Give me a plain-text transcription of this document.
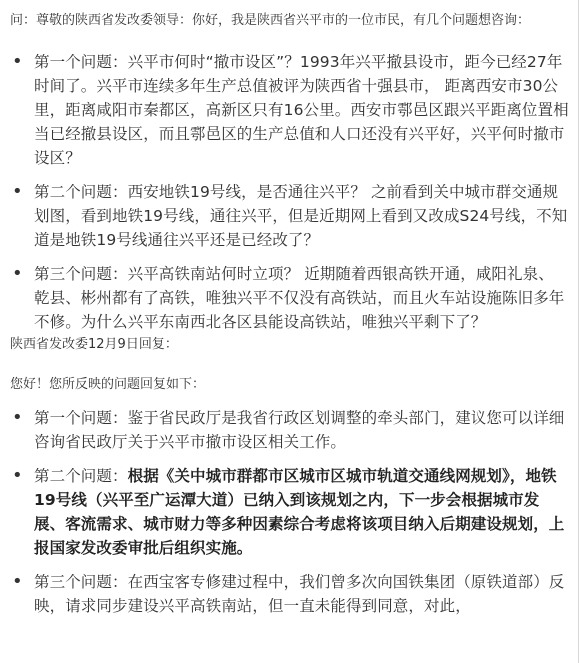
问：尊敬的陕西省发改委领导：你好，我是陕西省兴平市的一位市民，有几个问题想咨询：

• 第一个问题：兴平市何时“撤市设区”？1993年兴平撤县设市，距今已经27年时间了。兴平市连续多年生产总值被评为陕西省十强县市， 距离西安市30公里，距离咸阳市秦都区，高新区只有16公里。西安市鄠邑区跟兴平距离位置相当已经撤县设区，而且鄠邑区的生产总值和人口还没有兴平好，兴平何时撤市设区？
• 第二个问题：西安地铁19号线，是否通往兴平？ 之前看到关中城市群交通规划图，看到地铁19号线，通往兴平，但是近期网上看到又改成S24号线，不知道是地铁19号线通往兴平还是已经改了？
• 第三个问题：兴平高铁南站何时立项？ 近期随着西银高铁开通，咸阳礼泉、乾县、彬州都有了高铁，唯独兴平不仅没有高铁站，而且火车站设施陈旧多年不修。为什么兴平东南西北各区县能设高铁站，唯独兴平剩下了？

陕西省发改委12月9日回复：

您好！您所反映的问题回复如下：

• 第一个问题：鉴于省民政厅是我省行政区划调整的牵头部门，建议您可以详细咨询省民政厅关于兴平市撤市设区相关工作。
• 第二个问题：根据《关中城市群都市区城市区城市轨道交通线网规划》，地铁19号线（兴平至广运潭大道）已纳入到该规划之内，下一步会根据城市发展、客流需求、城市财力等多种因素综合考虑将该项目纳入后期建设规划，上报国家发改委审批后组织实施。
• 第三个问题：在西宝客专修建过程中，我们曾多次向国铁集团（原铁道部）反映，请求同步建设兴平高铁南站，但一直未能得到同意，对此，
